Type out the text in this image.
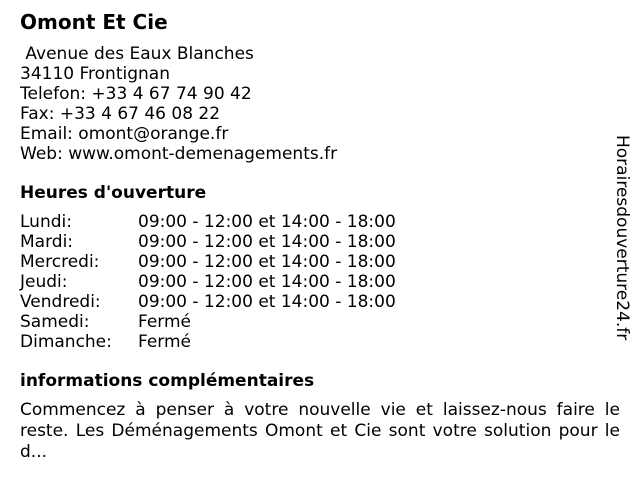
Omont Et Cie
Avenue des Eaux Blanches
34110 Frontignan
Telefon: +33 4 67 74 90 42
Fax: +33 4 67 46 08 22
Email: omont@orange.fr
Web: www.omont-demenagements.fr
Heures d'ouverture
Lundi:	09:00 - 12:00 et 14:00 - 18:00
Mardi:	09:00 - 12:00 et 14:00 - 18:00
Mercredi:	09:00 - 12:00 et 14:00 - 18:00
Jeudi:	09:00 - 12:00 et 14:00 - 18:00
Vendredi:	09:00 - 12:00 et 14:00 - 18:00
Samedi:	Fermé
Dimanche:	Fermé
informations complémentaires
Commencez à penser à votre nouvelle vie et laissez-nous faire le reste. Les Déménagements Omont et Cie sont votre solution pour le d...
Horairesdouverture24.fr
